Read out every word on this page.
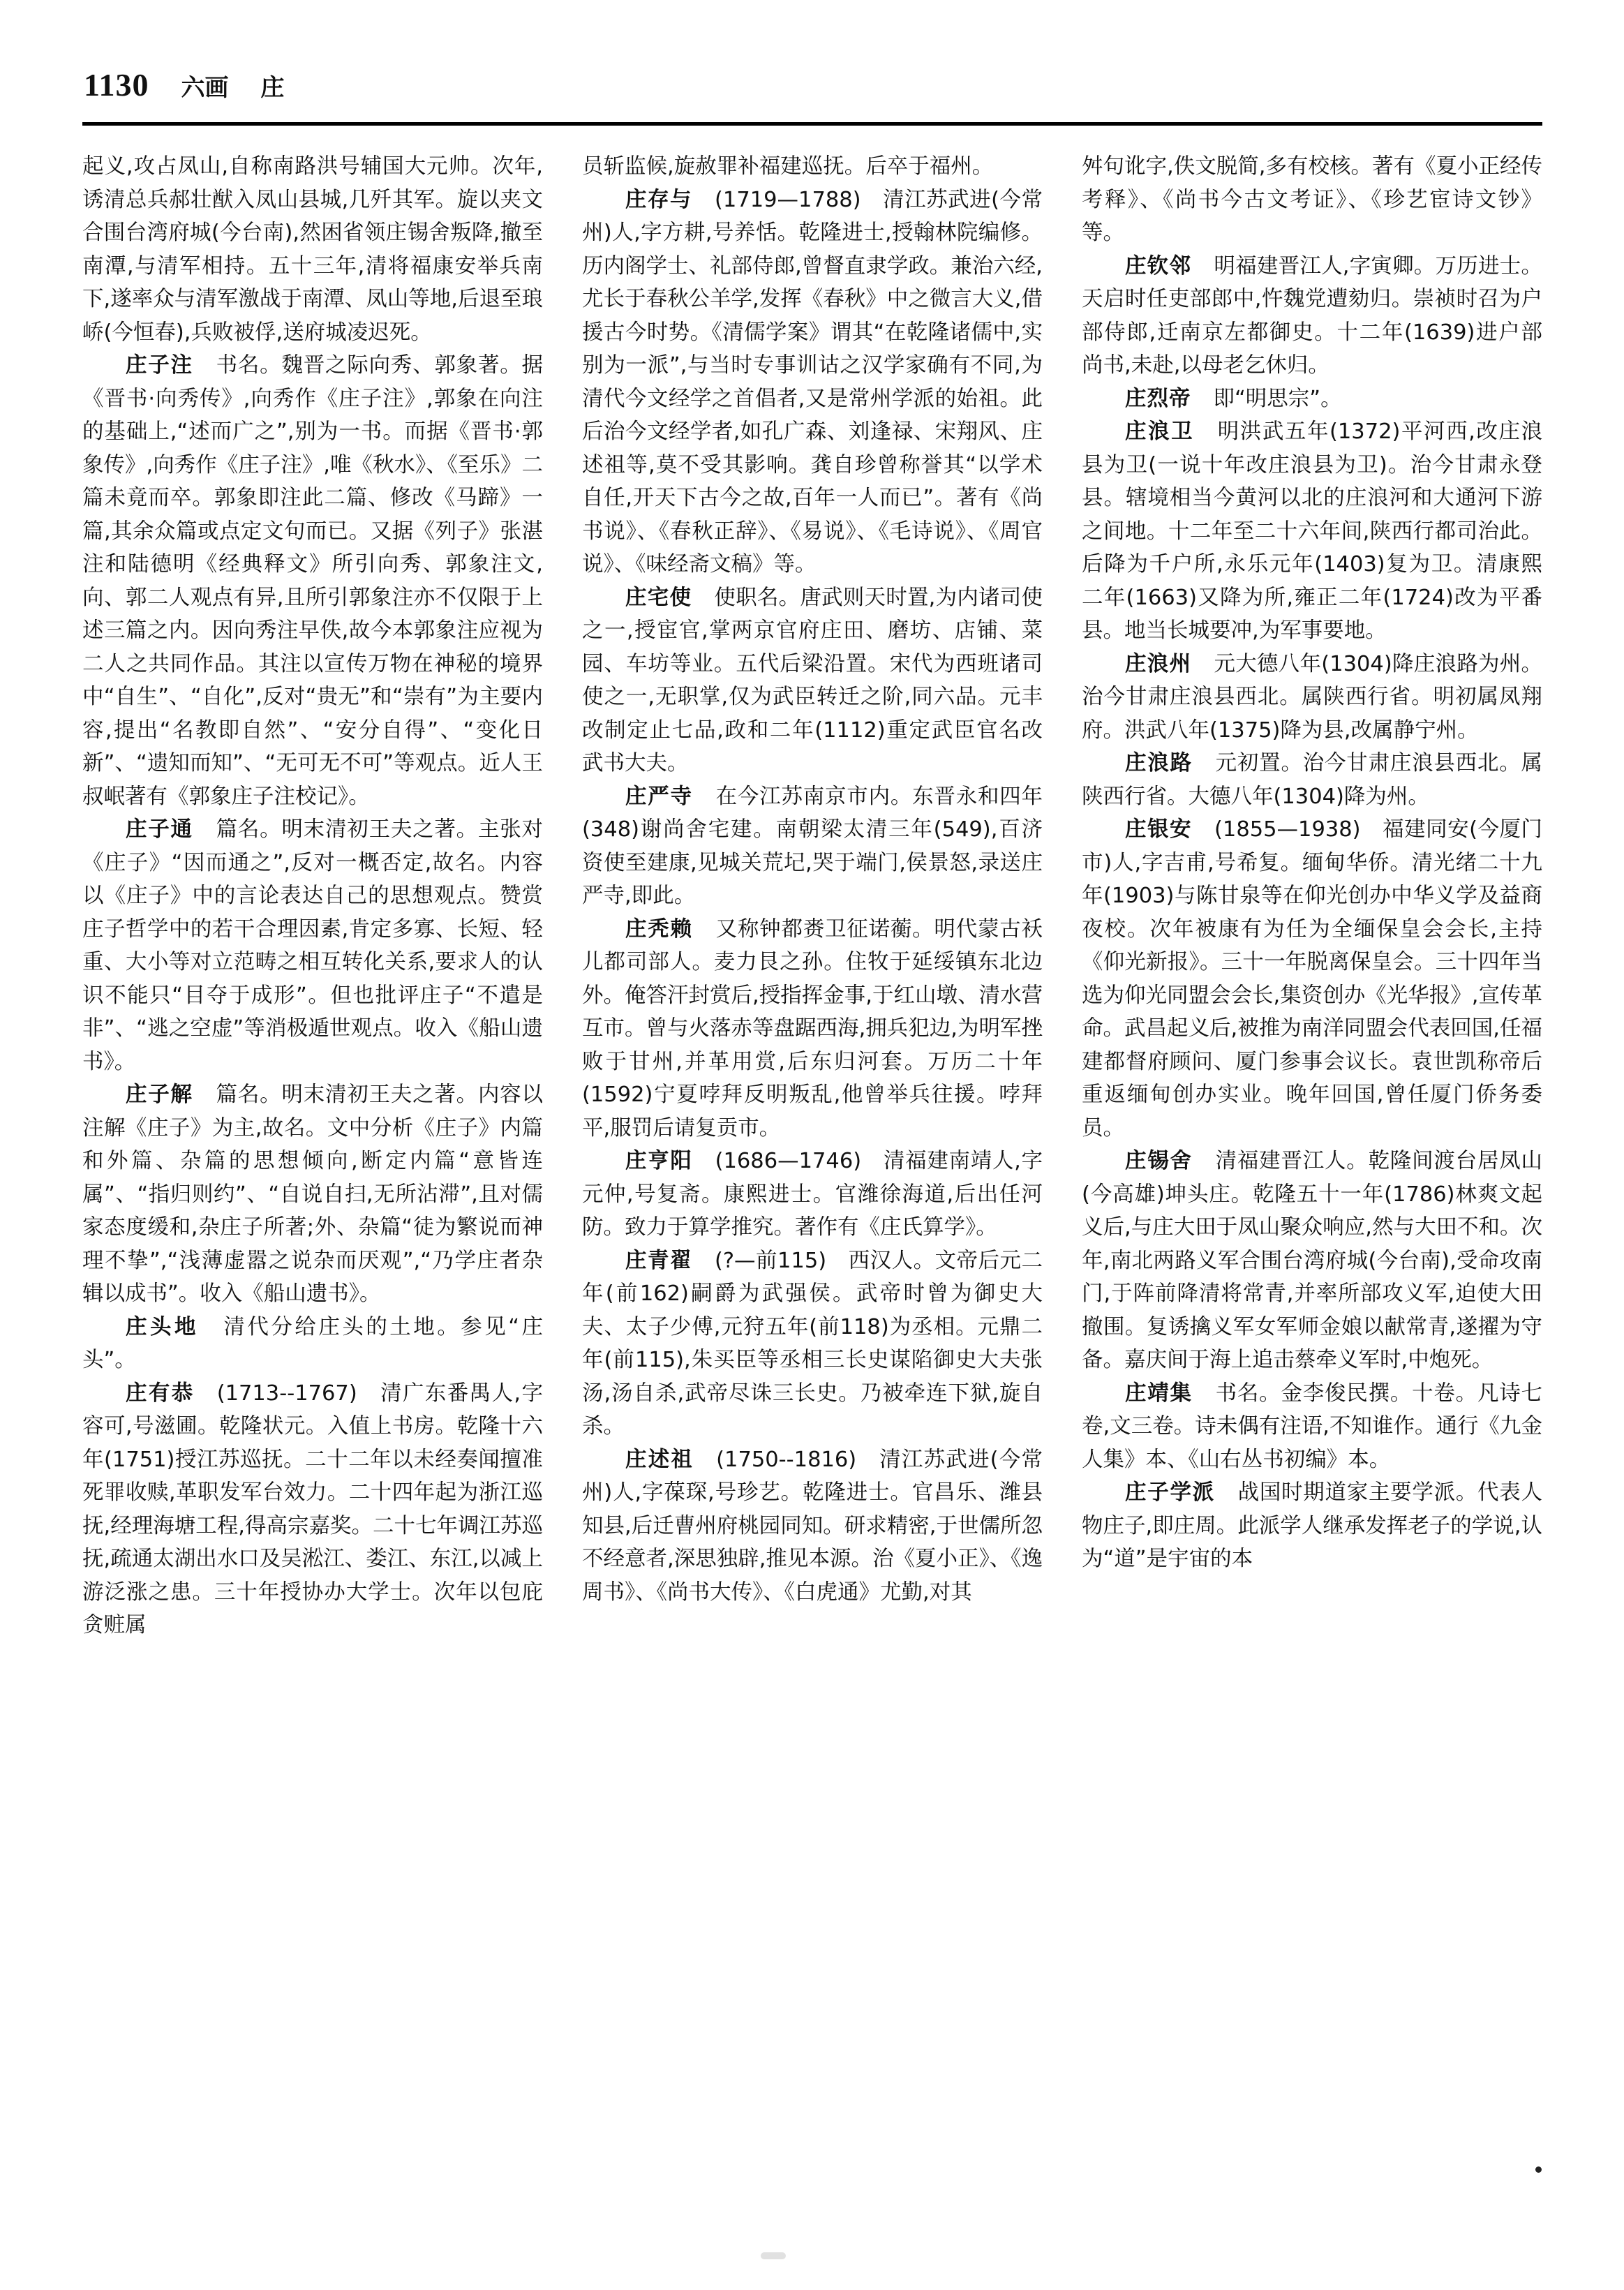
1130 六画 庄

起义,攻占凤山,自称南路洪号辅国大元帅。次年,诱清总兵郝壮猷入凤山县城,几歼其军。旋以夹文合围台湾府城(今台南),然困省领庄锡舍叛降,撤至南潭,与清军相持。五十三年,清将福康安举兵南下,遂率众与清军激战于南潭、凤山等地,后退至琅峤(今恒春),兵败被俘,送府城凌迟死。

庄子注 书名。魏晋之际向秀、郭象著。据《晋书·向秀传》,向秀作《庄子注》,郭象在向注的基础上,“述而广之”,别为一书。而据《晋书·郭象传》,向秀作《庄子注》,唯《秋水》、《至乐》二篇未竟而卒。郭象即注此二篇、修改《马蹄》一篇,其余众篇或点定文句而已。又据《列子》张湛注和陆德明《经典释文》所引向秀、郭象注文,向、郭二人观点有异,且所引郭象注亦不仅限于上述三篇之内。因向秀注早佚,故今本郭象注应视为二人之共同作品。其注以宣传万物在神秘的境界中“自生”、“自化”,反对“贵无”和“崇有”为主要内容,提出“名教即自然”、“安分自得”、“变化日新”、“遗知而知”、“无可无不可”等观点。近人王叔岷著有《郭象庄子注校记》。

庄子通 篇名。明末清初王夫之著。主张对《庄子》“因而通之”,反对一概否定,故名。内容以《庄子》中的言论表达自己的思想观点。赞赏庄子哲学中的若干合理因素,肯定多寡、长短、轻重、大小等对立范畴之相互转化关系,要求人的认识不能只“目夺于成形”。但也批评庄子“不遣是非”、“逃之空虚”等消极遁世观点。收入《船山遗书》。

庄子解 篇名。明末清初王夫之著。内容以注解《庄子》为主,故名。文中分析《庄子》内篇和外篇、杂篇的思想倾向,断定内篇“意皆连属”、“指归则约”、“自说自扫,无所沾滞”,且对儒家态度缓和,杂庄子所著;外、杂篇“徒为繁说而神理不挚”,“浅薄虚嚣之说杂而厌观”,“乃学庄者杂辑以成书”。收入《船山遗书》。

庄头地 清代分给庄头的土地。参见“庄头”。

庄有恭 (1713--1767)　清广东番禺人,字容可,号滋圃。乾隆状元。入值上书房。乾隆十六年(1751)授江苏巡抚。二十二年以未经奏闻擅准死罪收赎,革职发军台效力。二十四年起为浙江巡抚,经理海塘工程,得高宗嘉奖。二十七年调江苏巡抚,疏通太湖出水口及吴淞江、娄江、东江,以减上游泛涨之患。三十年授协办大学士。次年以包庇贪赃属

员斩监候,旋赦罪补福建巡抚。后卒于福州。

庄存与 (1719—1788)　清江苏武进(今常州)人,字方耕,号养恬。乾隆进士,授翰林院编修。历内阁学士、礼部侍郎,曾督直隶学政。兼治六经,尤长于春秋公羊学,发挥《春秋》中之微言大义,借援古今时势。《清儒学案》谓其“在乾隆诸儒中,实别为一派”,与当时专事训诂之汉学家确有不同,为清代今文经学之首倡者,又是常州学派的始祖。此后治今文经学者,如孔广森、刘逢禄、宋翔风、庄述祖等,莫不受其影响。龚自珍曾称誉其“以学术自任,开天下古今之故,百年一人而已”。著有《尚书说》、《春秋正辞》、《易说》、《毛诗说》、《周官说》、《味经斋文稿》等。

庄宅使 使职名。唐武则天时置,为内诸司使之一,授宦官,掌两京官府庄田、磨坊、店铺、菜园、车坊等业。五代后梁沿置。宋代为西班诸司使之一,无职掌,仅为武臣转迁之阶,同六品。元丰改制定止七品,政和二年(1112)重定武臣官名改武书大夫。

庄严寺 在今江苏南京市内。东晋永和四年(348)谢尚舍宅建。南朝梁太清三年(549),百济资使至建康,见城关荒圮,哭于端门,侯景怒,录送庄严寺,即此。

庄秃赖 又称钟都赉卫征诺蘅。明代蒙古袄儿都司部人。麦力艮之孙。住牧于延绥镇东北边外。俺答汗封赏后,授指挥金事,于红山墩、清水营互市。曾与火落赤等盘踞西海,拥兵犯边,为明军挫败于甘州,并革用赏,后东归河套。万历二十年(1592)宁夏哱拜反明叛乱,他曾举兵往援。哱拜平,服罚后请复贡市。

庄亨阳 (1686—1746)　清福建南靖人,字元仲,号复斋。康熙进士。官潍徐海道,后出任河防。致力于算学推究。著作有《庄氏算学》。

庄青翟 (?—前115)　西汉人。文帝后元二年(前162)嗣爵为武强侯。武帝时曾为御史大夫、太子少傅,元狩五年(前118)为丞相。元鼎二年(前115),朱买臣等丞相三长史谋陷御史大夫张汤,汤自杀,武帝尽诛三长史。乃被牵连下狱,旋自杀。

庄述祖 (1750--1816)　清江苏武进(今常州)人,字葆琛,号珍艺。乾隆进士。官昌乐、潍县知县,后迁曹州府桃园同知。研求精密,于世儒所忽不经意者,深思独辟,推见本源。治《夏小正》、《逸周书》、《尚书大传》、《白虎通》尤勤,对其

舛句讹字,佚文脱简,多有校核。著有《夏小正经传考释》、《尚书今古文考证》、《珍艺宦诗文钞》等。

庄钦邻 明福建晋江人,字寅卿。万历进士。天启时任吏部郎中,忤魏党遭劾归。崇祯时召为户部侍郎,迁南京左都御史。十二年(1639)进户部尚书,未赴,以母老乞休归。

庄烈帝 即“明思宗”。

庄浪卫 明洪武五年(1372)平河西,改庄浪县为卫(一说十年改庄浪县为卫)。治今甘肃永登县。辖境相当今黄河以北的庄浪河和大通河下游之间地。十二年至二十六年间,陕西行都司治此。后降为千户所,永乐元年(1403)复为卫。清康熙二年(1663)又降为所,雍正二年(1724)改为平番县。地当长城要冲,为军事要地。

庄浪州 元大德八年(1304)降庄浪路为州。治今甘肃庄浪县西北。属陕西行省。明初属凤翔府。洪武八年(1375)降为县,改属静宁州。

庄浪路 元初置。治今甘肃庄浪县西北。属陕西行省。大德八年(1304)降为州。

庄银安 (1855—1938)　福建同安(今厦门市)人,字吉甫,号希复。缅甸华侨。清光绪二十九年(1903)与陈甘泉等在仰光创办中华义学及益商夜校。次年被康有为任为全缅保皇会会长,主持《仰光新报》。三十一年脱离保皇会。三十四年当选为仰光同盟会会长,集资创办《光华报》,宣传革命。武昌起义后,被推为南洋同盟会代表回国,任福建都督府顾问、厦门参事会议长。袁世凯称帝后重返缅甸创办实业。晚年回国,曾任厦门侨务委员。

庄锡舍 清福建晋江人。乾隆间渡台居凤山(今高雄)坤头庄。乾隆五十一年(1786)林爽文起义后,与庄大田于凤山聚众响应,然与大田不和。次年,南北两路义军合围台湾府城(今台南),受命攻南门,于阵前降清将常青,并率所部攻义军,迫使大田撤围。复诱擒义军女军师金娘以献常青,遂擢为守备。嘉庆间于海上追击蔡牵义军时,中炮死。

庄靖集 书名。金李俊民撰。十卷。凡诗七卷,文三卷。诗未偶有注语,不知谁作。通行《九金人集》本、《山右丛书初编》本。

庄子学派 战国时期道家主要学派。代表人物庄子,即庄周。此派学人继承发挥老子的学说,认为“道”是宇宙的本
